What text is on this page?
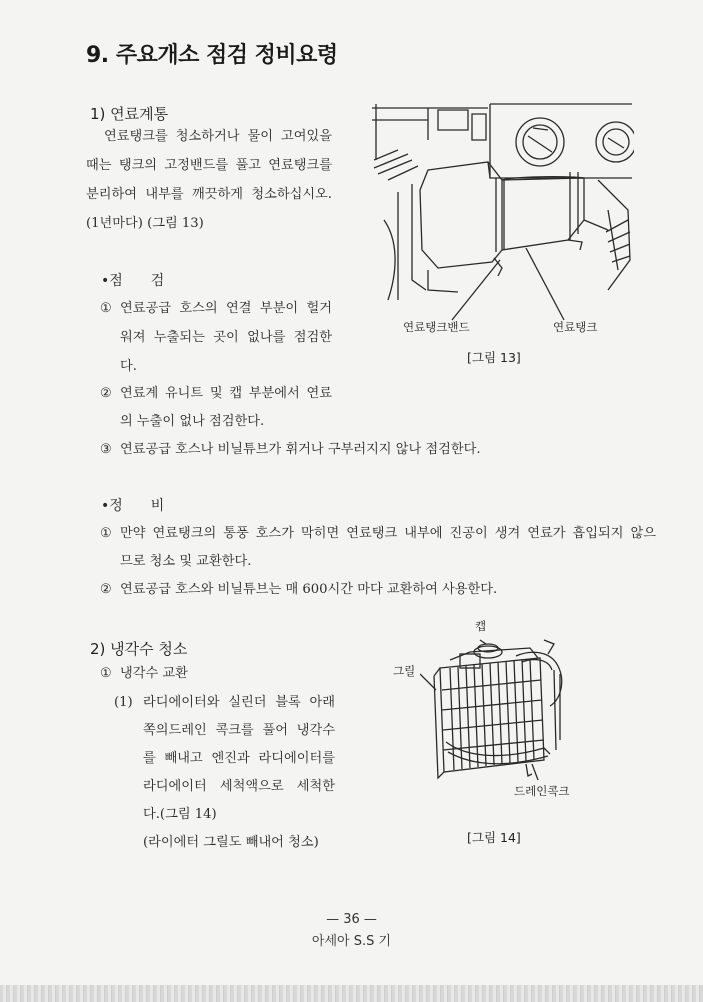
9. 주요개소 점검 정비요령
1) 연료계통
연료탱크를 청소하거나 물이 고여있을
때는 탱크의 고정밴드를 풀고 연료탱크를
분리하여 내부를 깨끗하게 청소하십시오.
(1년마다) (그림 13)
•점　　검
① 연료공급 호스의 연결 부분이 헐거
워져 누출되는 곳이 없나를 점검한
다.
② 연료계 유니트 및 캡 부분에서 연료
의 누출이 없나 점검한다.
③ 연료공급 호스나 비닐튜브가 휘거나 구부러지지 않나 점검한다.
•정　　비
① 만약 연료탱크의 통풍 호스가 막히면 연료탱크 내부에 진공이 생겨 연료가 흡입되지 않으
므로 청소 및 교환한다.
② 연료공급 호스와 비닐튜브는 매 600시간 마다 교환하여 사용한다.
연료탱크밴드	연료탱크
[그림 13]
2) 냉각수 청소
① 냉각수 교환
(1) 라디에이터와 실린더 블록 아래
쪽의드레인 콕크를 풀어 냉각수
를 빼내고 엔진과 라디에이터를
라디에이터 세척액으로 세척한
다.(그림 14)
(라이에터 그릴도 빼내어 청소)
캡
그릴
드레인콕크
[그림 14]
— 36 —
아세아 S.S 기
